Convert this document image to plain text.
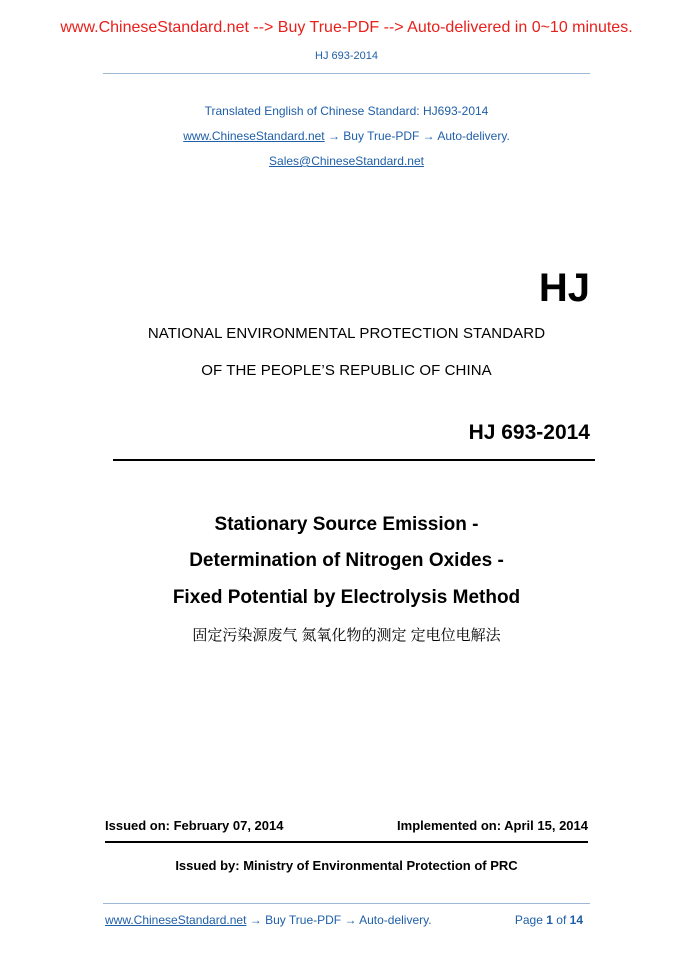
www.ChineseStandard.net --> Buy True-PDF --> Auto-delivered in 0~10 minutes.
HJ 693-2014
Translated English of Chinese Standard: HJ693-2014
www.ChineseStandard.net → Buy True-PDF → Auto-delivery.
Sales@ChineseStandard.net
HJ
NATIONAL ENVIRONMENTAL PROTECTION STANDARD
OF THE PEOPLE’S REPUBLIC OF CHINA
HJ 693-2014
Stationary Source Emission -
Determination of Nitrogen Oxides -
Fixed Potential by Electrolysis Method
固定污染源废气 氮氧化物的测定 定电位电解法
Issued on: February 07, 2014	Implemented on: April 15, 2014
Issued by: Ministry of Environmental Protection of PRC
www.ChineseStandard.net → Buy True-PDF → Auto-delivery.	Page 1 of 14
